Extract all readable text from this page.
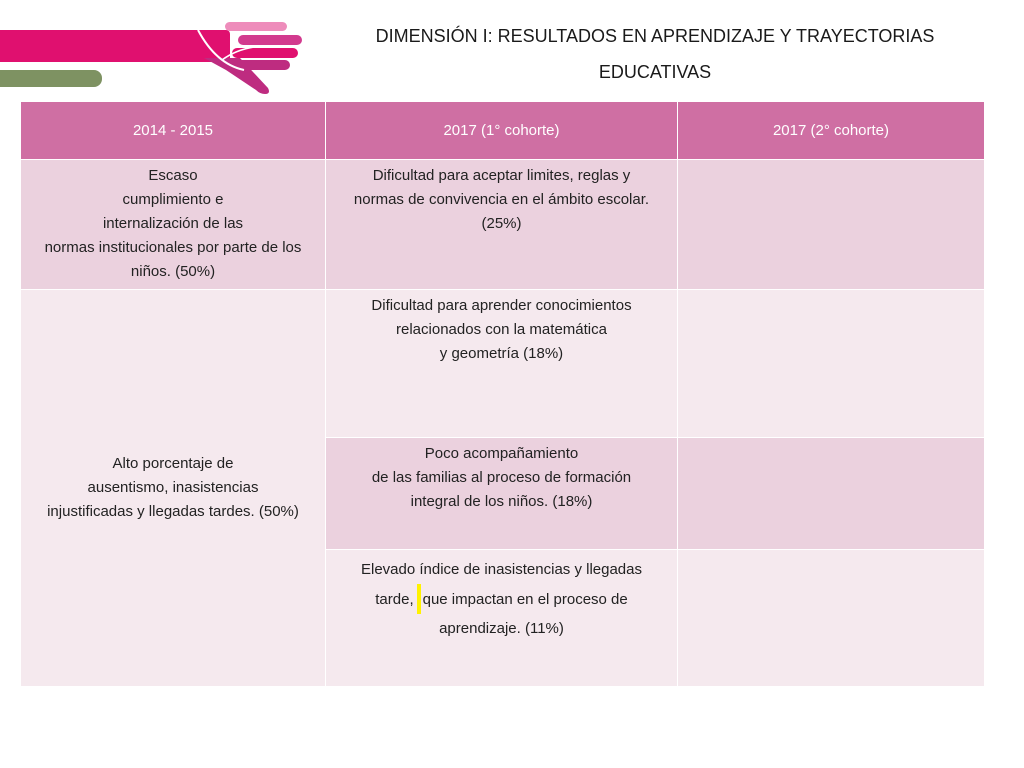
DIMENSIÓN I: RESULTADOS EN APRENDIZAJE Y TRAYECTORIAS
EDUCATIVAS
2014 - 2015	2017 (1° cohorte)	2017 (2° cohorte)
Escaso
cumplimiento e
internalización de las
normas institucionales por parte de los
niños. (50%)
Dificultad para aceptar limites, reglas y
normas de convivencia en el ámbito escolar.
(25%)
Alto porcentaje de
ausentismo, inasistencias
injustificadas y llegadas tardes. (50%)
Dificultad para aprender conocimientos
relacionados con la matemática
y geometría (18%)
Poco acompañamiento
de las familias al proceso de formación
integral de los niños. (18%)
Elevado índice de inasistencias y llegadas
tarde, que impactan en el proceso de
aprendizaje. (11%)
